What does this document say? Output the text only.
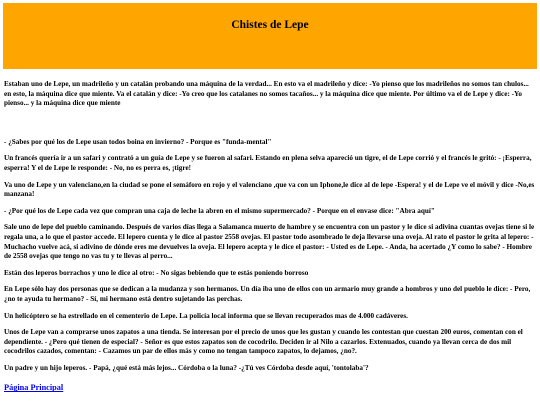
Chistes de Lepe

Estaban uno de Lepe, un madrileño y un catalán probando una máquina de la verdad... En esto va el madrileño y dice: -Yo pienso que los madrileños no somos tan chulos... en esto, la máquina dice que miente. Va el catalán y dice: -Yo creo que los catalanes no somos tacaños... y la máquina dice que miente. Por último va el de Lepe y dice: -Yo pienso... y la máquina dice que miente

- ¿Sabes por qué los de Lepe usan todos boina en invierno? - Porque es "funda-mental"

Un francés quería ir a un safari y contrató a un guía de Lepe y se fueron al safari. Estando en plena selva apareció un tigre, el de Lepe corrió y el francés le gritó: - ¡Esperra, esperra! Y el de Lepe le responde: - No, no es perra es, ¡tigre!

Va uno de Lepe y un valenciano,en la ciudad se pone el semáforo en rojo y el valenciano ,que va con un Iphone,le dice al de lepe -Espera! y el de Lepe ve el móvil y dice -No,es manzana!

- ¿Por qué los de Lepe cada vez que compran una caja de leche la abren en el mismo supermercado? - Porque en el envase dice: "Abra aquí"

Sale uno de lepe del pueblo caminando. Después de varios días llega a Salamanca muerto de hambre y se encuentra con un pastor y le dice si adivina cuantas ovejas tiene si le regala una, a lo que el pastor accede. El lepero cuenta y le dice al pastor 2558 ovejas. El pastor todo asombrado le deja llevarse una oveja. Al rato el pastor le grita al lepero: - Muchacho vuelve acá, si adivino de dónde eres me devuelves la oveja. El lepero acepta y le dice el pastor: - Usted es de Lepe. - Anda, ha acertado ¿Y como lo sabe? - Hombre de 2558 ovejas que tengo no vas tu y te llevas al perro...

Están dos leperos borrachos y uno le dice al otro: - No sigas bebiendo que te estás poniendo borroso

En Lepe sólo hay dos personas que se dedican a la mudanza y son hermanos. Un día iba uno de ellos con un armario muy grande a hombros y uno del pueblo le dice: - Pero, ¿no te ayuda tu hermano? - Sí, mi hermano está dentro sujetando las perchas.

Un helicóptero se ha estrellado en el cementerio de Lepe. La policía local informa que se llevan recuperados mas de 4.000 cadáveres.

Unos de Lepe van a comprarse unos zapatos a una tienda. Se interesan por el precio de unos que les gustan y cuando les contestan que cuestan 200 euros, comentan con el dependiente. - ¿Pero qué tienen de especial? - Señor es que estos zapatos son de cocodrilo. Deciden ir al Nilo a cazarlos. Extenuados, cuando ya llevan cerca de dos mil cocodrilos cazados, comentan: - Cazamos un par de ellos más y como no tengan tampoco zapatos, lo dejamos, ¿no?.

Un padre y un hijo leperos. - Papá, ¿qué está más lejos... Córdoba o la luna? -¿Tú ves Córdoba desde aquí, 'tontolaba'?

Página Principal
